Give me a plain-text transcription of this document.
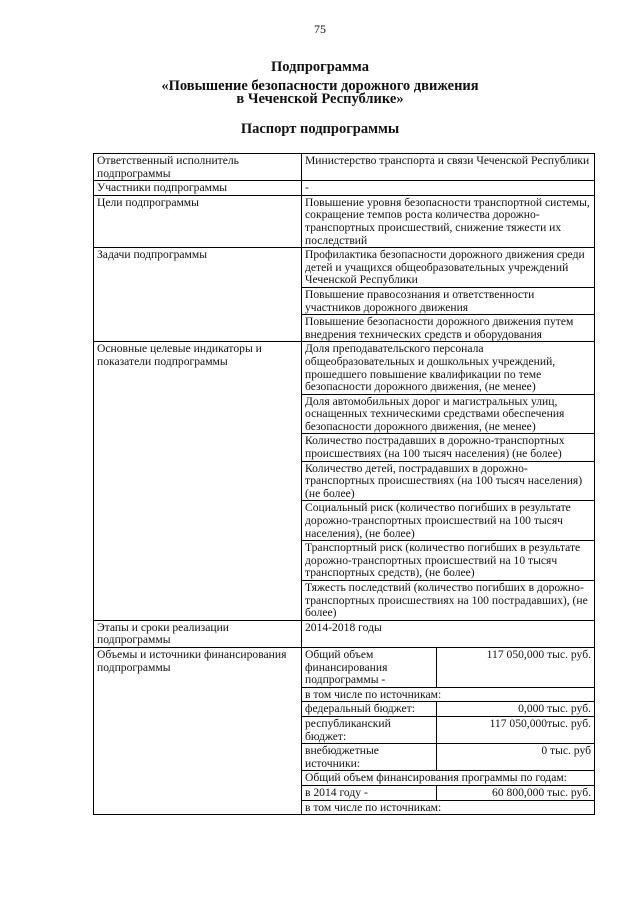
75
Подпрограмма
«Повышение безопасности дорожного движения
в Чеченской Республике»
Паспорт подпрограммы
Ответственный исполнитель подпрограммы	Министерство транспорта и связи Чеченской Республики
Участники подпрограммы	-
Цели подпрограммы	Повышение уровня безопасности транспортной системы, сокращение темпов роста количества дорожно-транспортных происшествий, снижение тяжести их последствий
Задачи подпрограммы	Профилактика безопасности дорожного движения среди детей и учащихся общеобразовательных учреждений Чеченской Республики
Повышение правосознания и ответственности участников дорожного движения
Повышение безопасности дорожного движения путем внедрения технических средств и оборудования
Основные целевые индикаторы и показатели подпрограммы	Доля преподавательского персонала общеобразовательных и дошкольных учреждений, прошедшего повышение квалификации по теме безопасности дорожного движения, (не менее)
Доля автомобильных дорог и магистральных улиц, оснащенных техническими средствами обеспечения безопасности дорожного движения, (не менее)
Количество пострадавших в дорожно-транспортных происшествиях (на 100 тысяч населения) (не более)
Количество детей, пострадавших в дорожно-транспортных происшествиях (на 100 тысяч населения) (не более)
Социальный риск (количество погибших в результате дорожно-транспортных происшествий на 100 тысяч населения), (не более)
Транспортный риск (количество погибших в результате дорожно-транспортных происшествий на 10 тысяч транспортных средств), (не более)
Тяжесть последствий (количество погибших в дорожно-транспортных происшествиях на 100 пострадавших), (не более)
Этапы и сроки реализации подпрограммы	2014-2018 годы
Объемы и источники финансирования подпрограммы	
Общий объем финансирования подпрограммы -	117 050,000 тыс. руб.
в том числе по источникам:
федеральный бюджет:	0,000 тыс. руб.
республиканский бюджет:	117 050,000тыс. руб.
внебюджетные источники:	0 тыс. руб
Общий объем финансирования программы по годам:
в 2014 году -	60 800,000 тыс. руб.
в том числе по источникам:
